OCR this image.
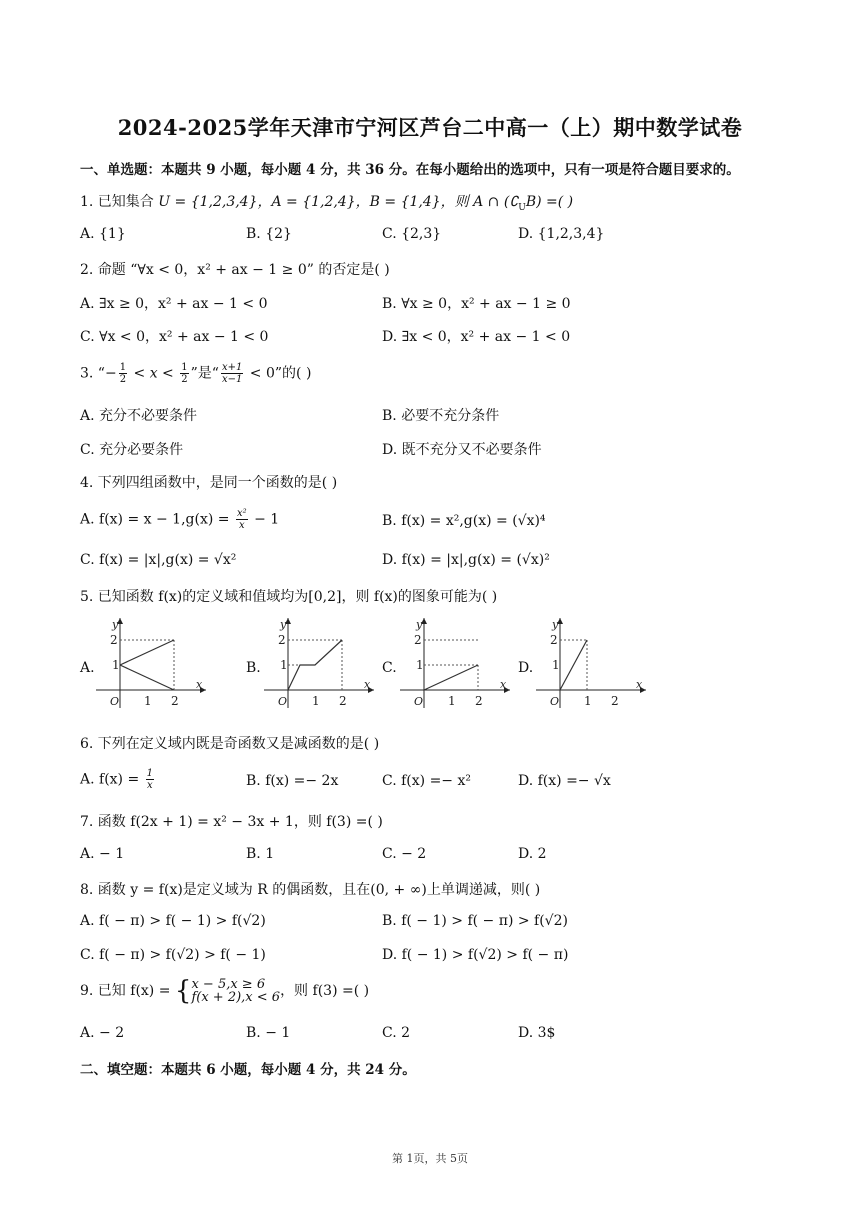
2024-2025学年天津市宁河区芦台二中高一（上）期中数学试卷
一、单选题：本题共 9 小题，每小题 4 分，共 36 分。在每小题给出的选项中，只有一项是符合题目要求的。
1. 已知集合 U = {1,2,3,4}，A = {1,2,4}，B = {1,4}，则 A ∩ $(∁_UB)$ =( )
A. {1}	B. {2}	C. {2,3}	D. {1,2,3,4}
2. 命题 “∀x < 0，x² + ax − 1 ≥ 0” 的否定是( )
A. ∃x ≥ 0，x² + ax − 1 < 0	B. ∀x ≥ 0，x² + ax − 1 ≥ 0
C. ∀x < 0，x² + ax − 1 < 0	D. ∃x < 0，x² + ax − 1 < 0
3. “− $\frac{1}{2} < x < \frac{1}{2}$ ”是“ $\frac{x+1}{x-1} < 0$”的( )
A. 充分不必要条件	B. 必要不充分条件
C. 充分必要条件	D. 既不充分又不必要条件
4. 下列四组函数中，是同一个函数的是( )
A. $f(x) = x - 1,g(x) = \frac{\text{x²}}{x} - 1$	B. f(x) = x²,g(x) = (√x)⁴
C. f(x) = |x|,g(x) = √x²	D. f(x) = |x|,g(x) = (√x)²
5. 已知函数 f(x)的定义域和值域均为[0,2]，则 f(x)的图象可能为( )
A.	B.	C.	D.
y
x
O
1
2
1 2
y
x
O
1
2
1 2
y
x
O
1
2
1 2
y
x
O
1
2
1 2
6. 下列在定义域内既是奇函数又是减函数的是( )
A. $f(x) = \frac{1}{x}$	B. f(x) =− 2x	C. f(x) =− x²	D. f(x) =− √x
7. 函数 f(2x + 1) = x² − 3x + 1，则 f(3) =( )
A. − 1	B. 1	C. − 2	D. 2
8. 函数 y = f(x)是定义域为 R 的偶函数，且在(0, + ∞)上单调递减，则( )
A. f( − π) > f( − 1) > f(√2)	B. f( − 1) > f( − π) > f(√2)
C. f( − π) > f(√2) > f( − 1)	D. f( − 1) > f(√2) > f( − π)
9. 已知 f(x) = { x − 5,x ≥ 6
f(x + 2),x < 6 ，则 f(3) =( )
A. − 2	B. − 1	C. 2	D. 3$
二、填空题：本题共 6 小题，每小题 4 分，共 24 分。
第 1页，共 5页
